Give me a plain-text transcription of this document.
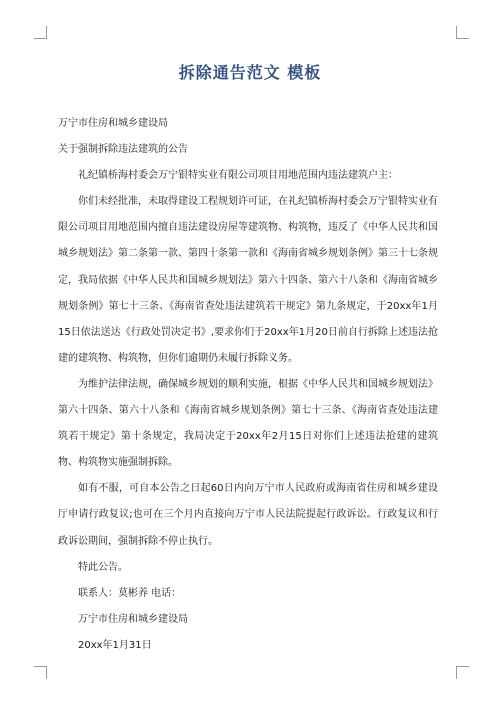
拆除通告范文 模板

万宁市住房和城乡建设局

关于强制拆除违法建筑的公告

礼纪镇桥海村委会万宁银特实业有限公司项目用地范围内违法建筑户主：

你们未经批准，未取得建设工程规划许可证，在礼纪镇桥海村委会万宁银特实业有限公司项目用地范围内擅自违法建设房屋等建筑物、构筑物，违反了《中华人民共和国城乡规划法》第二条第一款、第四十条第一款和《海南省城乡规划条例》第三十七条规定，我局依据《中华人民共和国城乡规划法》第六十四条、第六十八条和《海南省城乡规划条例》第七十三条、《海南省查处违法建筑若干规定》第九条规定，于20xx年1月15日依法送达《行政处罚决定书》,要求你们于20xx年1月20日前自行拆除上述违法抢建的建筑物、构筑物，但你们逾期仍未履行拆除义务。

为维护法律法规，确保城乡规划的顺利实施，根据《中华人民共和国城乡规划法》第六十四条、第六十八条和《海南省城乡规划条例》第七十三条、《海南省查处违法建筑若干规定》第十条规定，我局决定于20xx年2月15日对你们上述违法抢建的建筑物、构筑物实施强制拆除。

如有不服，可自本公告之日起60日内向万宁市人民政府或海南省住房和城乡建设厅申请行政复议;也可在三个月内直接向万宁市人民法院提起行政诉讼。行政复议和行政诉讼期间，强制拆除不停止执行。

特此公告。

联系人：莫彬养 电话：

万宁市住房和城乡建设局

20xx年1月31日
